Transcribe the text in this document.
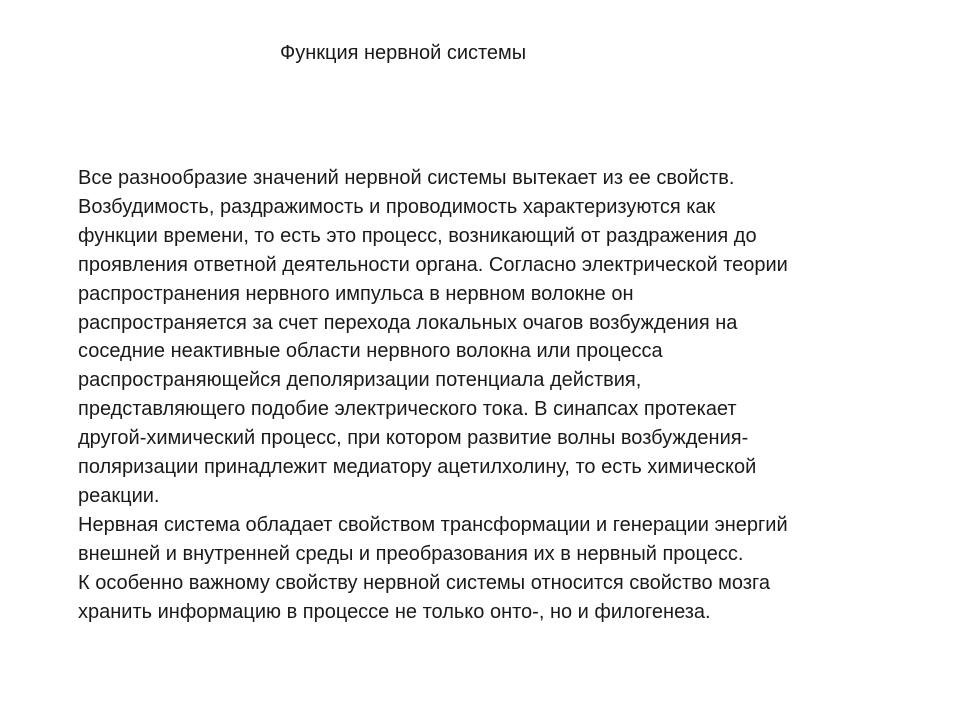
Функция нервной системы

Все разнообразие значений нервной системы вытекает из ее свойств.
Возбудимость, раздражимость и проводимость характеризуются как
функции времени, то есть это процесс, возникающий от раздражения до
проявления ответной деятельности органа. Согласно электрической теории
распространения нервного импульса в нервном волокне он
распространяется за счет перехода локальных очагов возбуждения на
соседние неактивные области нервного волокна или процесса
распространяющейся деполяризации потенциала действия,
представляющего подобие электрического тока. В синапсах протекает
другой-химический процесс, при котором развитие волны возбуждения-
поляризации принадлежит медиатору ацетилхолину, то есть химической
реакции.

Нервная система обладает свойством трансформации и генерации энергий
внешней и внутренней среды и преобразования их в нервный процесс.

К особенно важному свойству нервной системы относится свойство мозга
хранить информацию в процессе не только онто-, но и филогенеза.
